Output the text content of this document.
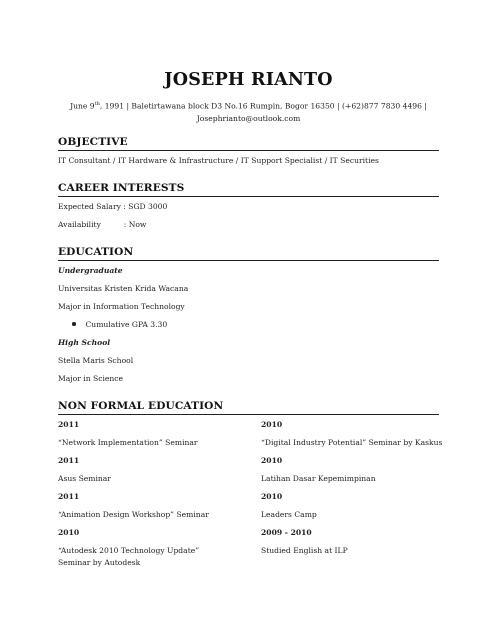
JOSEPH RIANTO
June 9th, 1991 | Baletirtawana block D3 No.16 Rumpin, Bogor 16350 | (+62)877 7830 4496 |
Josephrianto@outlook.com
OBJECTIVE
IT Consultant / IT Hardware & Infrastructure / IT Support Specialist / IT Securities
CAREER INTERESTS
Expected Salary : SGD 3000
Availability	: Now
EDUCATION
Undergraduate
Universitas Kristen Krida Wacana
Major in Information Technology
Cumulative GPA 3.30
High School
Stella Maris School
Major in Science
NON FORMAL EDUCATION
2011
“Network Implementation” Seminar
2011
Asus Seminar
2011
“Animation Design Workshop” Seminar
2010
“Autodesk 2010 Technology Update” Seminar by Autodesk
2010
“Digital Industry Potential” Seminar by Kaskus
2010
Latihan Dasar Kepemimpinan
2010
Leaders Camp
2009 - 2010
Studied English at ILP
